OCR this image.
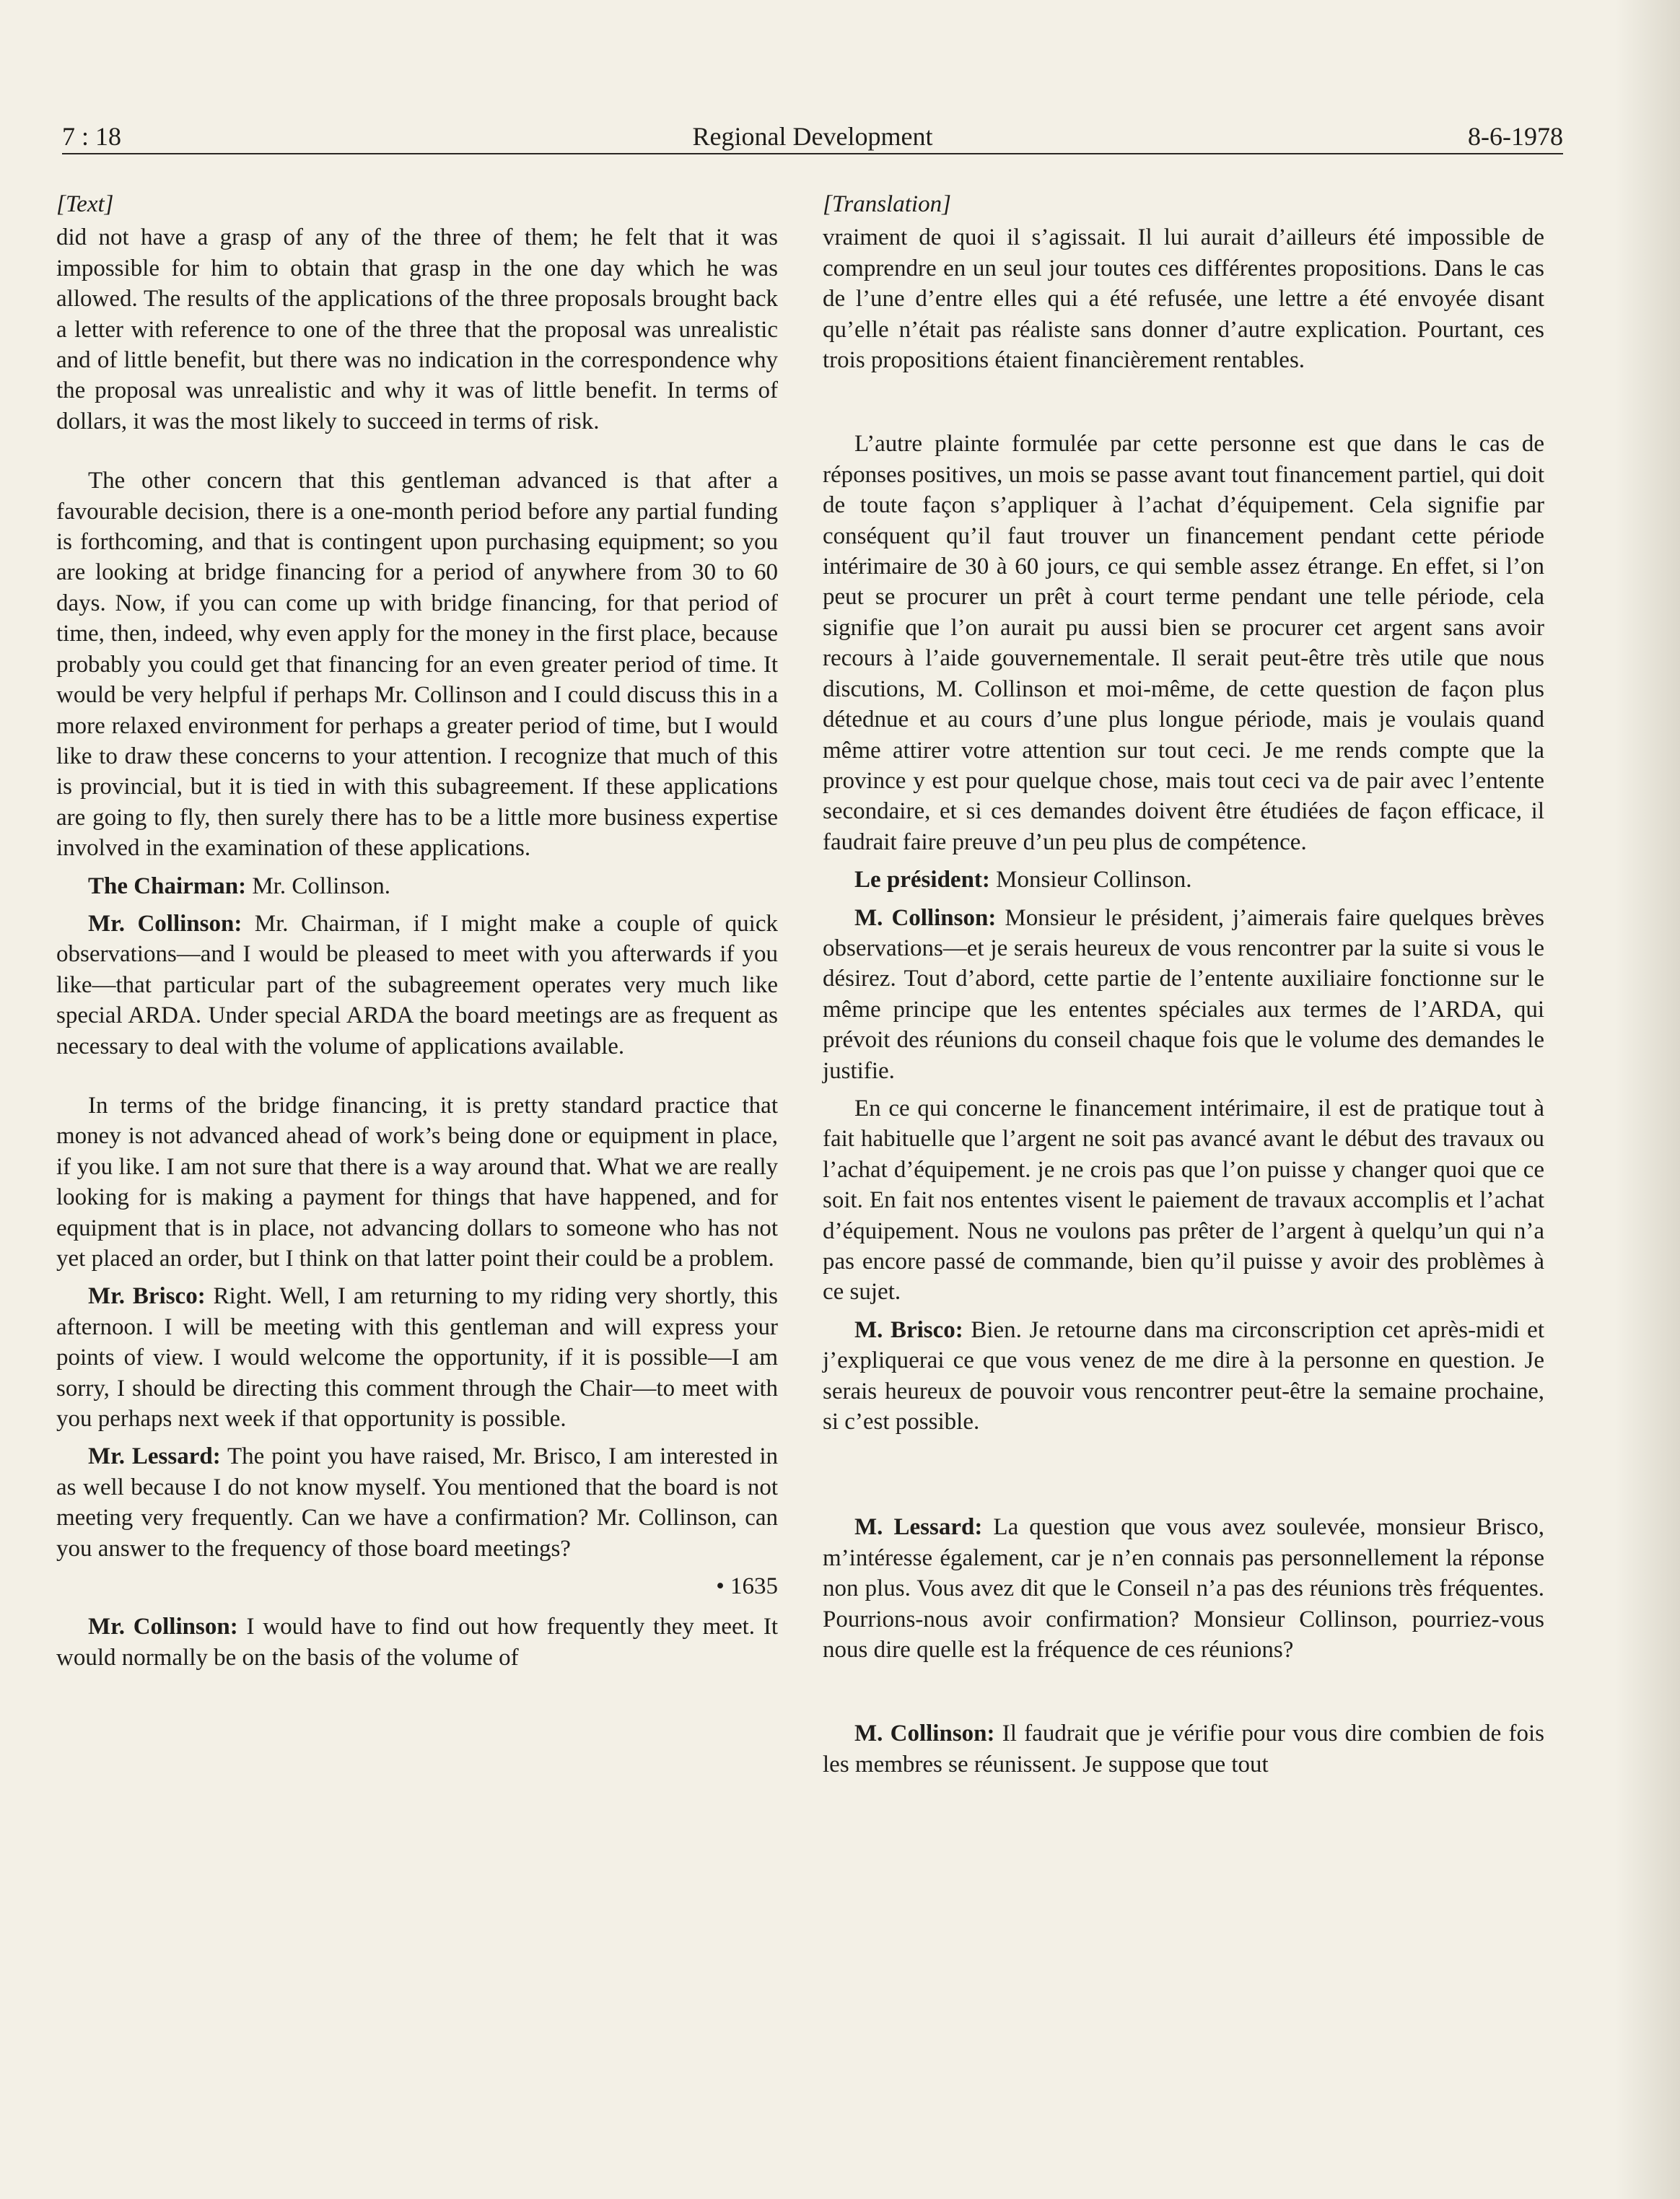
7 : 18	Regional Development	8-6-1978
[Text]

did not have a grasp of any of the three of them; he felt that it was impossible for him to obtain that grasp in the one day which he was allowed. The results of the applications of the three proposals brought back a letter with reference to one of the three that the proposal was unrealistic and of little benefit, but there was no indication in the correspondence why the proposal was unrealistic and why it was of little benefit. In terms of dollars, it was the most likely to succeed in terms of risk.

The other concern that this gentleman advanced is that after a favourable decision, there is a one-month period before any partial funding is forthcoming, and that is contingent upon purchasing equipment; so you are looking at bridge financing for a period of anywhere from 30 to 60 days. Now, if you can come up with bridge financing, for that period of time, then, indeed, why even apply for the money in the first place, because probably you could get that financing for an even greater period of time. It would be very helpful if perhaps Mr. Collinson and I could discuss this in a more relaxed environment for perhaps a greater period of time, but I would like to draw these concerns to your attention. I recognize that much of this is provincial, but it is tied in with this subagreement. If these applications are going to fly, then surely there has to be a little more business expertise involved in the examination of these applications.

The Chairman: Mr. Collinson.

Mr. Collinson: Mr. Chairman, if I might make a couple of quick observations—and I would be pleased to meet with you afterwards if you like—that particular part of the subagreement operates very much like special ARDA. Under special ARDA the board meetings are as frequent as necessary to deal with the volume of applications available.

In terms of the bridge financing, it is pretty standard practice that money is not advanced ahead of work’s being done or equipment in place, if you like. I am not sure that there is a way around that. What we are really looking for is making a payment for things that have happened, and for equipment that is in place, not advancing dollars to someone who has not yet placed an order, but I think on that latter point their could be a problem.

Mr. Brisco: Right. Well, I am returning to my riding very shortly, this afternoon. I will be meeting with this gentleman and will express your points of view. I would welcome the opportunity, if it is possible—I am sorry, I should be directing this comment through the Chair—to meet with you perhaps next week if that opportunity is possible.

Mr. Lessard: The point you have raised, Mr. Brisco, I am interested in as well because I do not know myself. You mentioned that the board is not meeting very frequently. Can we have a confirmation? Mr. Collinson, can you answer to the frequency of those board meetings?

• 1635

Mr. Collinson: I would have to find out how frequently they meet. It would normally be on the basis of the volume of

[Translation]

vraiment de quoi il s’agissait. Il lui aurait d’ailleurs été impossible de comprendre en un seul jour toutes ces différentes propositions. Dans le cas de l’une d’entre elles qui a été refusée, une lettre a été envoyée disant qu’elle n’était pas réaliste sans donner d’autre explication. Pourtant, ces trois propositions étaient financièrement rentables.

L’autre plainte formulée par cette personne est que dans le cas de réponses positives, un mois se passe avant tout financement partiel, qui doit de toute façon s’appliquer à l’achat d’équipement. Cela signifie par conséquent qu’il faut trouver un financement pendant cette période intérimaire de 30 à 60 jours, ce qui semble assez étrange. En effet, si l’on peut se procurer un prêt à court terme pendant une telle période, cela signifie que l’on aurait pu aussi bien se procurer cet argent sans avoir recours à l’aide gouvernementale. Il serait peut-être très utile que nous discutions, M. Collinson et moi-même, de cette question de façon plus détednue et au cours d’une plus longue période, mais je voulais quand même attirer votre attention sur tout ceci. Je me rends compte que la province y est pour quelque chose, mais tout ceci va de pair avec l’entente secondaire, et si ces demandes doivent être étudiées de façon efficace, il faudrait faire preuve d’un peu plus de compétence.

Le président: Monsieur Collinson.

M. Collinson: Monsieur le président, j’aimerais faire quelques brèves observations—et je serais heureux de vous rencontrer par la suite si vous le désirez. Tout d’abord, cette partie de l’entente auxiliaire fonctionne sur le même principe que les ententes spéciales aux termes de l’ARDA, qui prévoit des réunions du conseil chaque fois que le volume des demandes le justifie.

En ce qui concerne le financement intérimaire, il est de pratique tout à fait habituelle que l’argent ne soit pas avancé avant le début des travaux ou l’achat d’équipement. je ne crois pas que l’on puisse y changer quoi que ce soit. En fait nos ententes visent le paiement de travaux accomplis et l’achat d’équipement. Nous ne voulons pas prêter de l’argent à quelqu’un qui n’a pas encore passé de commande, bien qu’il puisse y avoir des problèmes à ce sujet.

M. Brisco: Bien. Je retourne dans ma circonscription cet après-midi et j’expliquerai ce que vous venez de me dire à la personne en question. Je serais heureux de pouvoir vous rencontrer peut-être la semaine prochaine, si c’est possible.

M. Lessard: La question que vous avez soulevée, monsieur Brisco, m’intéresse également, car je n’en connais pas personnellement la réponse non plus. Vous avez dit que le Conseil n’a pas des réunions très fréquentes. Pourrions-nous avoir confirmation? Monsieur Collinson, pourriez-vous nous dire quelle est la fréquence de ces réunions?

M. Collinson: Il faudrait que je vérifie pour vous dire combien de fois les membres se réunissent. Je suppose que tout
